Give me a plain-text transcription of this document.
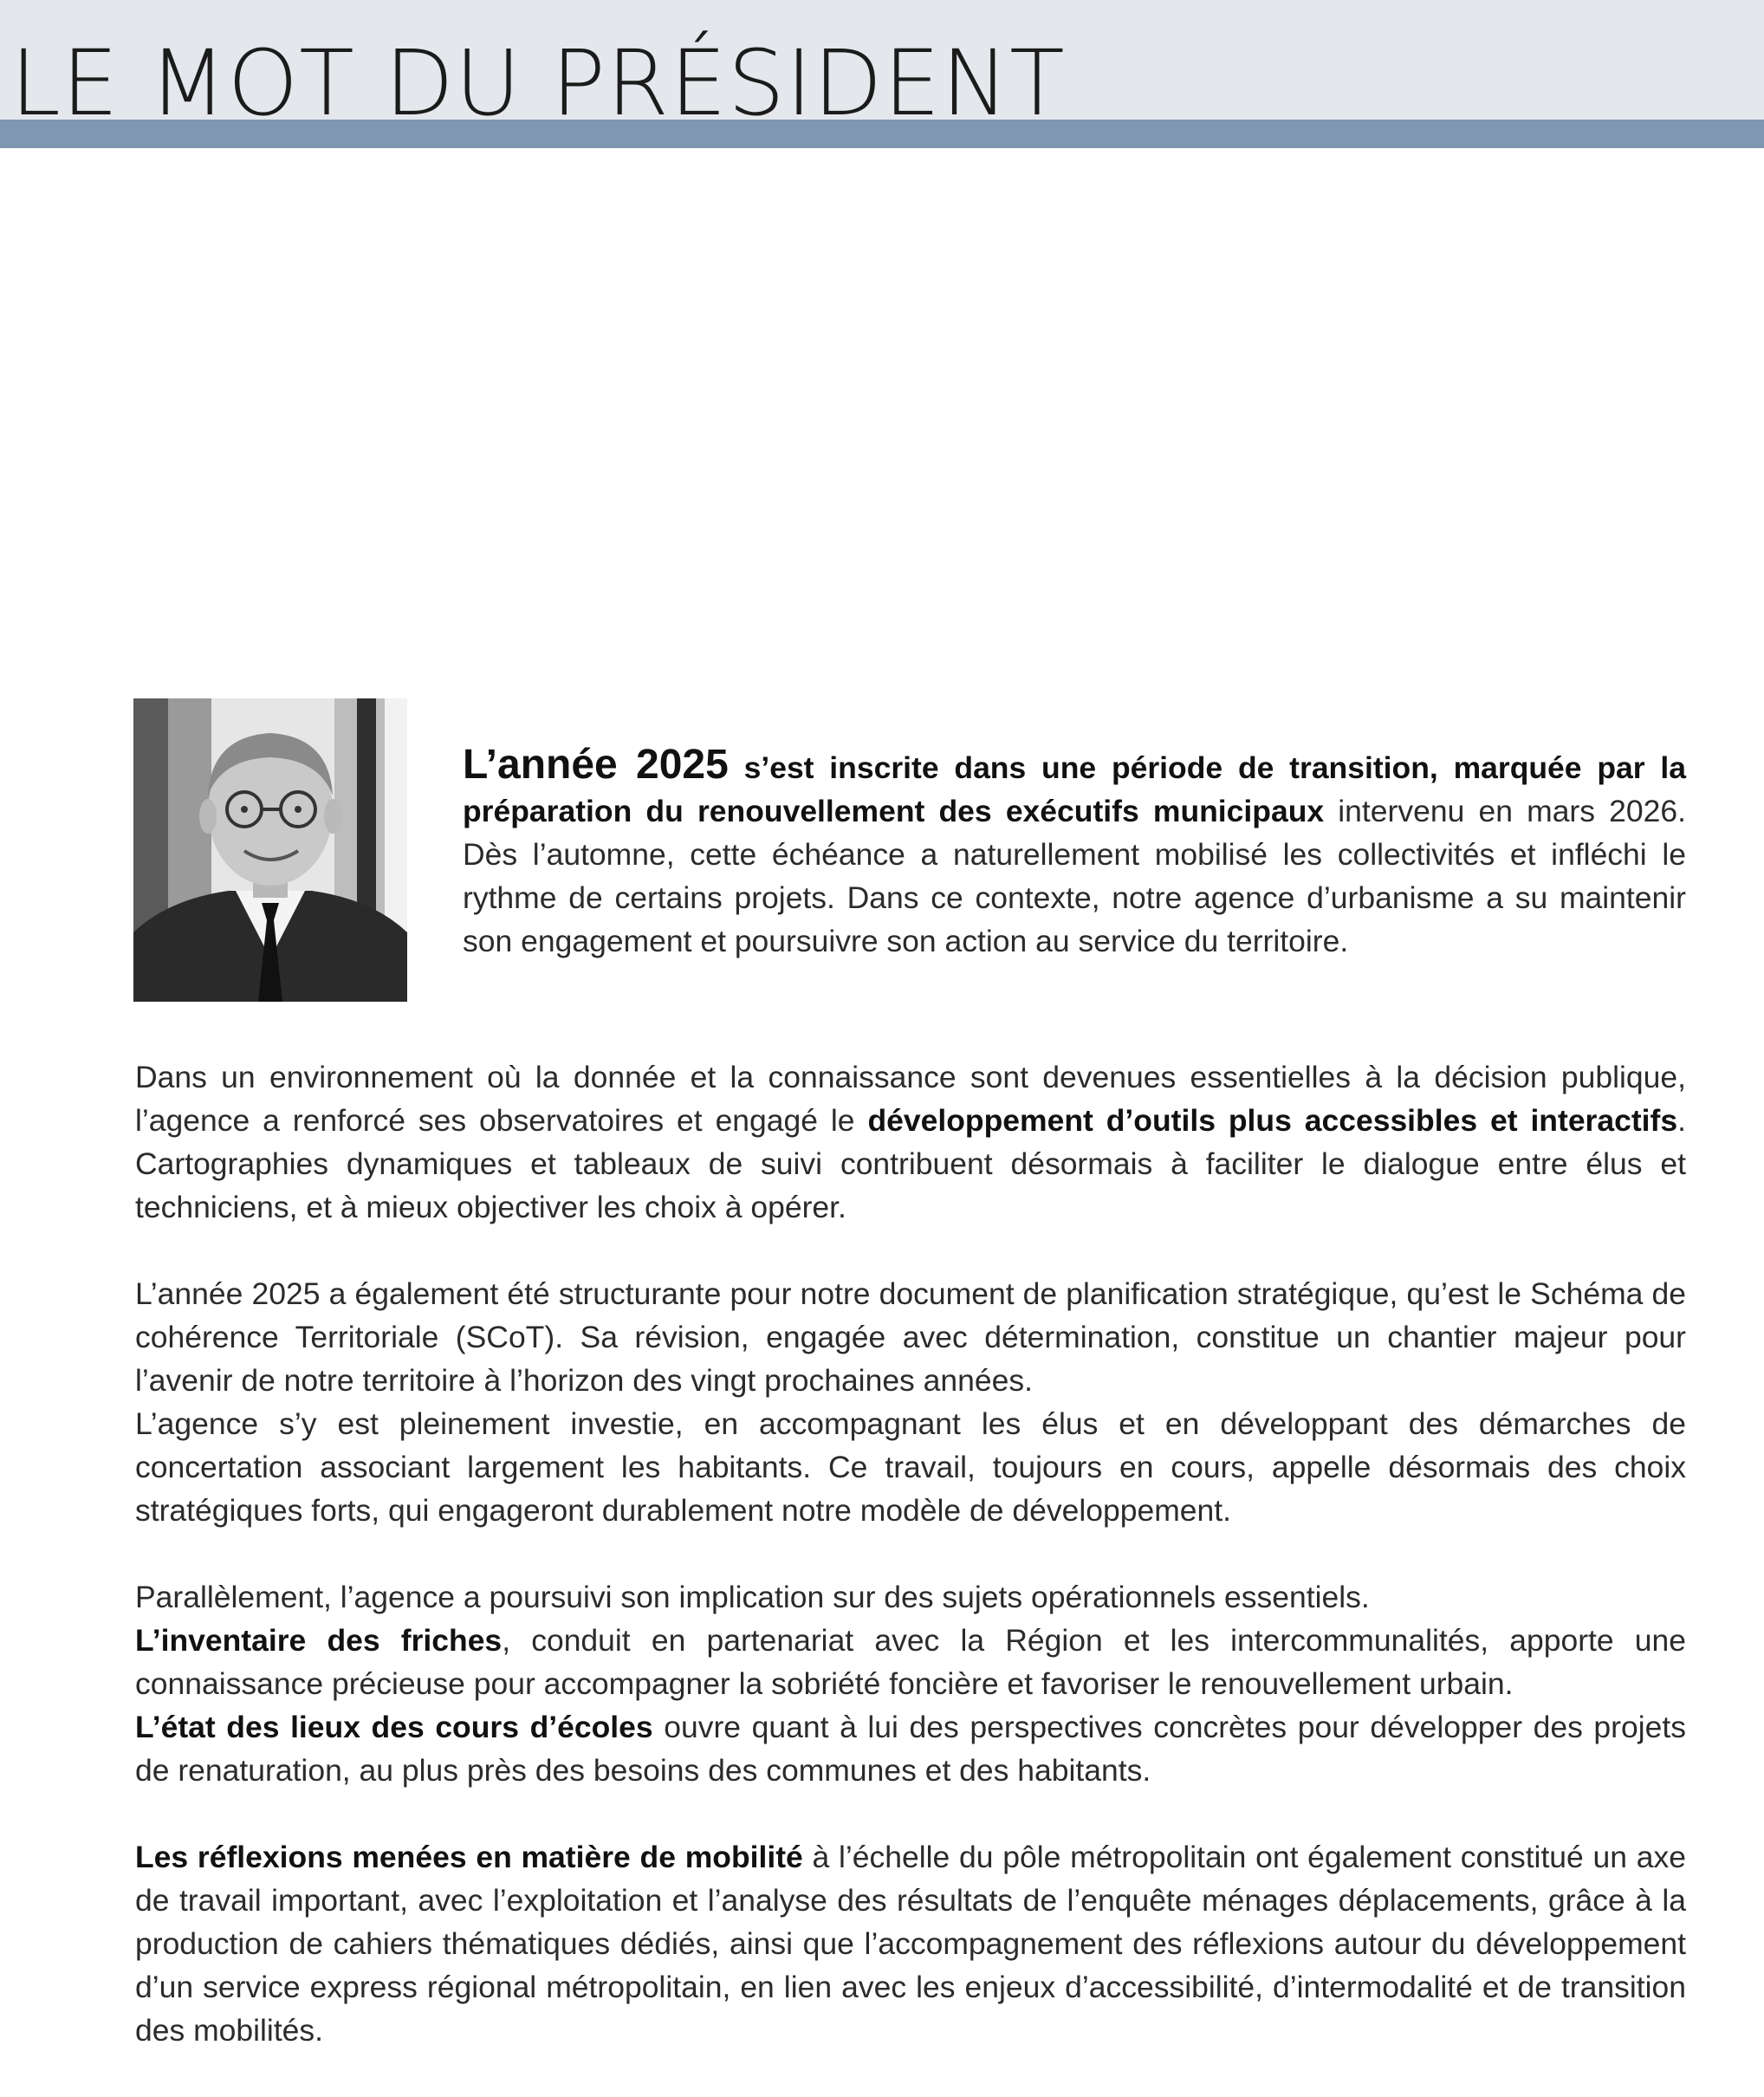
LE MOT DU PRÉSIDENT

L’année 2025 s’est inscrite dans une période de transition, marquée par la préparation du renouvellement des exécutifs municipaux intervenu en mars 2026. Dès l’automne, cette échéance a naturellement mobilisé les collectivités et infléchi le rythme de certains projets. Dans ce contexte, notre agence d’urbanisme a su maintenir son engagement et poursuivre son action au service du territoire.

Dans un environnement où la donnée et la connaissance sont devenues essentielles à la décision publique, l’agence a renforcé ses observatoires et engagé le développement d’outils plus accessibles et interactifs. Cartographies dynamiques et tableaux de suivi contribuent désormais à faciliter le dialogue entre élus et techniciens, et à mieux objectiver les choix à opérer.

L’année 2025 a également été structurante pour notre document de planification stratégique, qu’est le Schéma de cohérence Territoriale (SCoT). Sa révision, engagée avec détermination, constitue un chantier majeur pour l’avenir de notre territoire à l’horizon des vingt prochaines années.
L’agence s’y est pleinement investie, en accompagnant les élus et en développant des démarches de concertation associant largement les habitants. Ce travail, toujours en cours, appelle désormais des choix stratégiques forts, qui engageront durablement notre modèle de développement.

Parallèlement, l’agence a poursuivi son implication sur des sujets opérationnels essentiels.
L’inventaire des friches, conduit en partenariat avec la Région et les intercommunalités, apporte une connaissance précieuse pour accompagner la sobriété foncière et favoriser le renouvellement urbain.
L’état des lieux des cours d’écoles ouvre quant à lui des perspectives concrètes pour développer des projets de renaturation, au plus près des besoins des communes et des habitants.

Les réflexions menées en matière de mobilité à l’échelle du pôle métropolitain ont également constitué un axe de travail important, avec l’exploitation et l’analyse des résultats de l’enquête ménages déplacements, grâce à la production de cahiers thématiques dédiés, ainsi que l’accompagnement des réflexions autour du développement d’un service express régional métropolitain, en lien avec les enjeux d’accessibilité, d’intermodalité et de transition des mobilités.
